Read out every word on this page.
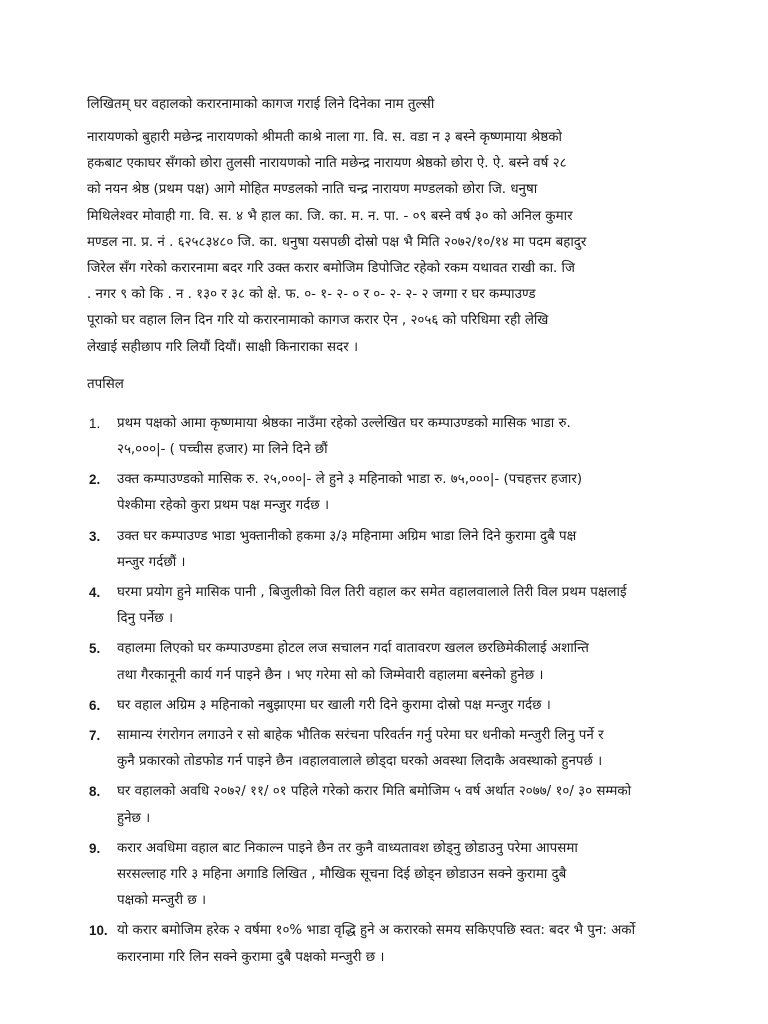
लिखितम् घर वहालको करारनामाको कागज गराई लिने दिनेका नाम तुल्सी

नारायणको बुहारी मछेन्द्र नारायणको श्रीमती काश्रे नाला गा. वि. स. वडा न ३ बस्ने कृष्णमाया श्रेष्ठको
हकबाट एकाघर सँगको छोरा तुलसी नारायणको नाति मछेन्द्र नारायण श्रेष्ठको छोरा ऐ. ऐ. बस्ने वर्ष २८
को नयन श्रेष्ठ (प्रथम पक्ष) आगे मोहित मण्डलको नाति चन्द्र नारायण मण्डलको छोरा जि. धनुषा
मिथिलेश्वर मोवाही गा. वि. स. ४ भै हाल का. जि. का. म. न. पा. - ०९ बस्ने वर्ष ३० को अनिल कुमार
मण्डल ना. प्र. नं . ६२५८३४८० जि. का. धनुषा यसपछी दोस्रो पक्ष भै मिति २०७२/१०/१४ मा पदम बहादुर
जिरेल सँग गरेको करारनामा बदर गरि उक्त करार बमोजिम डिपोजिट रहेको रकम यथावत राखी का. जि
. नगर ९ को कि . न . १३० र ३८ को क्षे. फ. ०- १- २- ० र ०- २- २- २ जग्गा र घर कम्पाउण्ड
पूराको घर वहाल लिन दिन गरि यो करारनामाको कागज करार ऐन , २०५६ को परिधिमा रही लेखि
लेखाई सहीछाप गरि लियौं दियौं। साक्षी किनाराका सदर ।

तपसिल
1. प्रथम पक्षको आमा कृष्णमाया श्रेष्ठका नाउँमा रहेको उल्लेखित घर कम्पाउण्डको मासिक भाडा रु.
२५,०००|- ( पच्चीस हजार) मा लिने दिने छौं
2. उक्त कम्पाउण्डको मासिक रु. २५,०००|- ले हुने ३ महिनाको भाडा रु. ७५,०००|- (पचहत्तर हजार)
पेश्कीमा रहेको कुरा प्रथम पक्ष मन्जुर गर्दछ ।
3. उक्त घर कम्पाउण्ड भाडा भुक्तानीको हकमा ३/३ महिनामा अग्रिम भाडा लिने दिने कुरामा दुबै पक्ष
मन्जुर गर्दछौं ।
4. घरमा प्रयोग हुने मासिक पानी , बिजुलीको विल तिरी वहाल कर समेत वहालवालाले तिरी विल प्रथम पक्षलाई
दिनु पर्नेछ ।
5. वहालमा लिएको घर कम्पाउण्डमा होटल लज सचालन गर्दा वातावरण खलल छरछिमेकीलाई अशान्ति
तथा गैरकानूनी कार्य गर्न पाइने छैन । भए गरेमा सो को जिम्मेवारी वहालमा बस्नेको हुनेछ ।
6. घर वहाल अग्रिम ३ महिनाको नबुझाएमा घर खाली गरी दिने कुरामा दोस्रो पक्ष मन्जुर गर्दछ ।
7. सामान्य रंगरोगन लगाउने र सो बाहेक भौतिक सरंचना परिवर्तन गर्नु परेमा घर धनीको मन्जुरी लिनु पर्ने र
कुनै प्रकारको तोडफोड गर्न पाइने छैन ।वहालवालाले छोड्दा घरको अवस्था लिदाकै अवस्थाको हुनपर्छ ।
8. घर वहालको अवधि २०७२/ ११/ ०१ पहिले गरेको करार मिति बमोजिम ५ वर्ष अर्थात २०७७/ १०/ ३० सम्मको
हुनेछ ।
9. करार अवधिमा वहाल बाट निकाल्न पाइने छैन तर कुनै वाध्यतावश छोड्नु छोडाउनु परेमा आपसमा
सरसल्लाह गरि ३ महिना अगाडि लिखित , मौखिक सूचना दिई छोड्न छोडाउन सक्ने कुरामा दुबै
पक्षको मन्जुरी छ ।
10. यो करार बमोजिम हरेक २ वर्षमा १०% भाडा वृद्धि हुने अ करारको समय सकिएपछि स्वत: बदर भै पुन: अर्को
करारनामा गरि लिन सक्ने कुरामा दुबै पक्षको मन्जुरी छ ।
